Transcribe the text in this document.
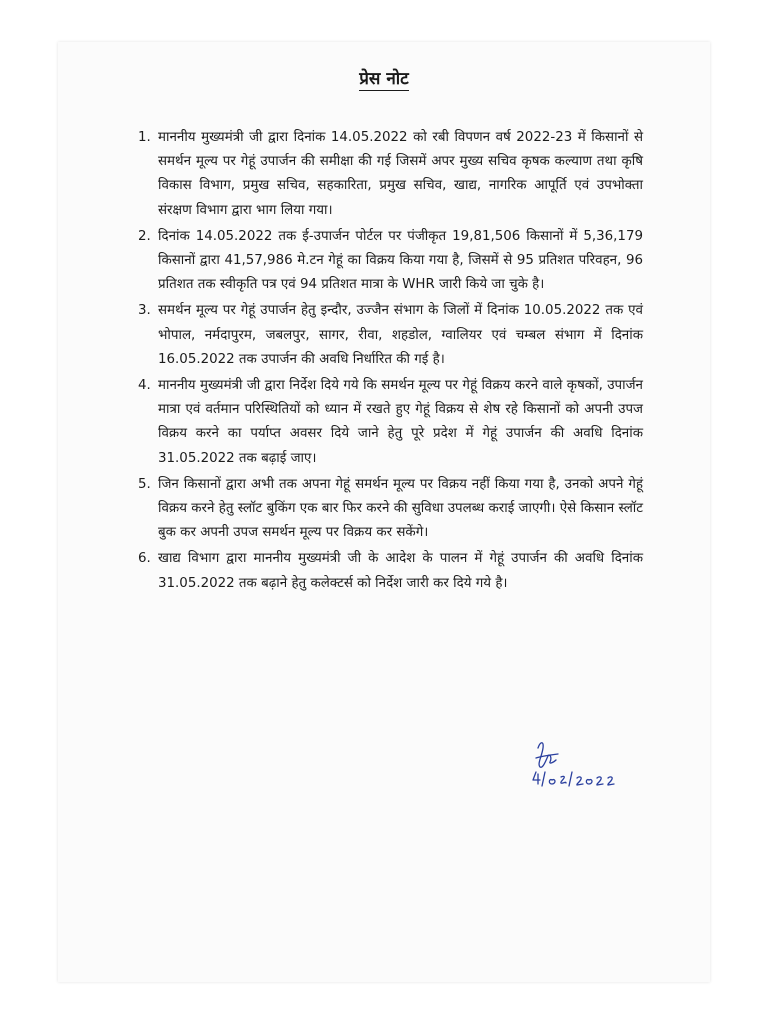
प्रेस नोट
1. माननीय मुख्यमंत्री जी द्वारा दिनांक 14.05.2022 को रबी विपणन वर्ष 2022-23 में किसानों से समर्थन मूल्य पर गेहूं उपार्जन की समीक्षा की गई जिसमें अपर मुख्य सचिव कृषक कल्याण तथा कृषि विकास विभाग, प्रमुख सचिव, सहकारिता, प्रमुख सचिव, खाद्य, नागरिक आपूर्ति एवं उपभोक्ता संरक्षण विभाग द्वारा भाग लिया गया।
2. दिनांक 14.05.2022 तक ई-उपार्जन पोर्टल पर पंजीकृत 19,81,506 किसानों में 5,36,179 किसानों द्वारा 41,57,986 मे.टन गेहूं का विक्रय किया गया है, जिसमें से 95 प्रतिशत परिवहन, 96 प्रतिशत तक स्वीकृति पत्र एवं 94 प्रतिशत मात्रा के WHR जारी किये जा चुके है।
3. समर्थन मूल्य पर गेहूं उपार्जन हेतु इन्दौर, उज्जैन संभाग के जिलों में दिनांक 10.05.2022 तक एवं भोपाल, नर्मदापुरम, जबलपुर, सागर, रीवा, शहडोल, ग्वालियर एवं चम्बल संभाग में दिनांक 16.05.2022 तक उपार्जन की अवधि निर्धारित की गई है।
4. माननीय मुख्यमंत्री जी द्वारा निर्देश दिये गये कि समर्थन मूल्य पर गेहूं विक्रय करने वाले कृषकों, उपार्जन मात्रा एवं वर्तमान परिस्थितियों को ध्यान में रखते हुए गेहूं विक्रय से शेष रहे किसानों को अपनी उपज विक्रय करने का पर्याप्त अवसर दिये जाने हेतु पूरे प्रदेश में गेहूं उपार्जन की अवधि दिनांक 31.05.2022 तक बढ़ाई जाए।
5. जिन किसानों द्वारा अभी तक अपना गेहूं समर्थन मूल्य पर विक्रय नहीं किया गया है, उनको अपने गेहूं विक्रय करने हेतु स्लॉट बुकिंग एक बार फिर करने की सुविधा उपलब्ध कराई जाएगी। ऐसे किसान स्लॉट बुक कर अपनी उपज समर्थन मूल्य पर विक्रय कर सकेंगे।
6. खाद्य विभाग द्वारा माननीय मुख्यमंत्री जी के आदेश के पालन में गेहूं उपार्जन की अवधि दिनांक 31.05.2022 तक बढ़ाने हेतु कलेक्टर्स को निर्देश जारी कर दिये गये है।
